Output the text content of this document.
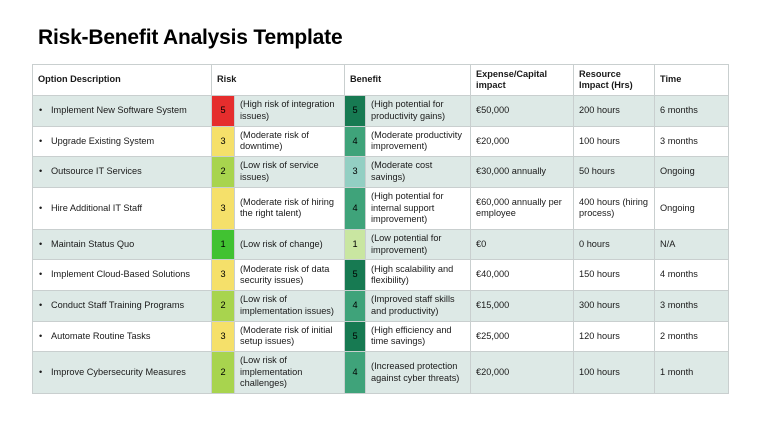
Risk-Benefit Analysis Template
Option Description	Risk		Benefit		Expense/Capital impact	Resource Impact (Hrs)	Time
• Implement New Software System	5	(High risk of integration issues)	5	(High potential for productivity gains)	€50,000	200 hours	6 months
• Upgrade Existing System	3	(Moderate risk of downtime)	4	(Moderate productivity improvement)	€20,000	100 hours	3 months
• Outsource IT Services	2	(Low risk of service issues)	3	(Moderate cost savings)	€30,000 annually	50 hours	Ongoing
• Hire Additional IT Staff	3	(Moderate risk of hiring the right talent)	4	(High potential for internal support improvement)	€60,000 annually per employee	400 hours (hiring process)	Ongoing
• Maintain Status Quo	1	(Low risk of change)	1	(Low potential for improvement)	€0	0 hours	N/A
• Implement Cloud-Based Solutions	3	(Moderate risk of data security issues)	5	(High scalability and flexibility)	€40,000	150 hours	4 months
• Conduct Staff Training Programs	2	(Low risk of implementation issues)	4	(Improved staff skills and productivity)	€15,000	300 hours	3 months
• Automate Routine Tasks	3	(Moderate risk of initial setup issues)	5	(High efficiency and time savings)	€25,000	120 hours	2 months
• Improve Cybersecurity Measures	2	(Low risk of implementation challenges)	4	(Increased protection against cyber threats)	€20,000	100 hours	1 month
